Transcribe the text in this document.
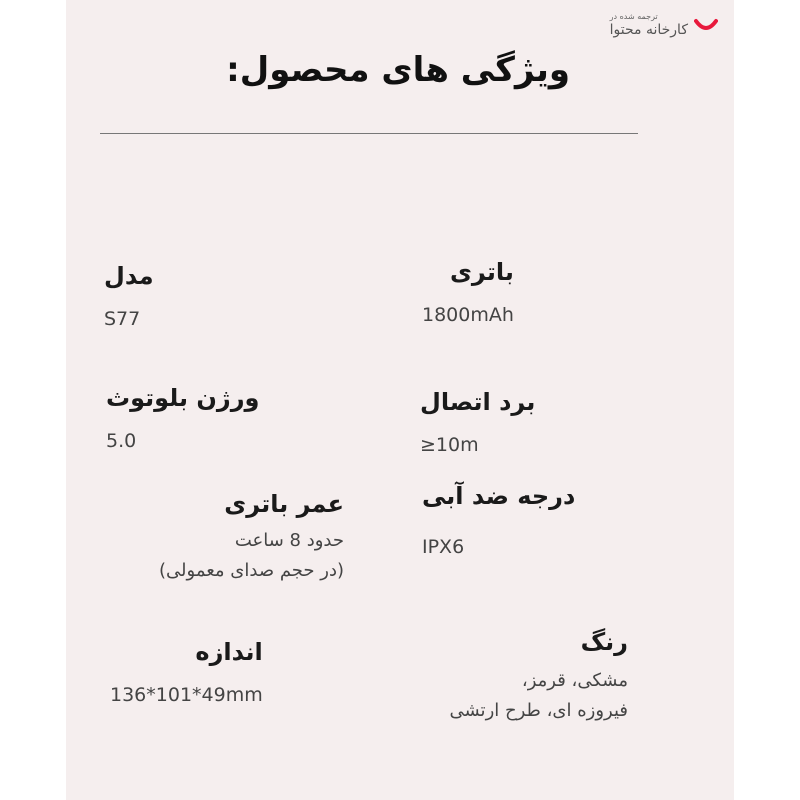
ترجمه شده در
کارخانه محتوا
ویژگی های محصول:
مدل
S77
ورژن بلوتوث
5.0
عمر باتری
حدود 8 ساعت
(در حجم صدای معمولی)
اندازه
136*101*49mm
باتری
1800mAh
برد اتصال
≥10m
درجه ضد آبی
IPX6
رنگ
مشکی، قرمز،
فیروزه ای، طرح ارتشی
